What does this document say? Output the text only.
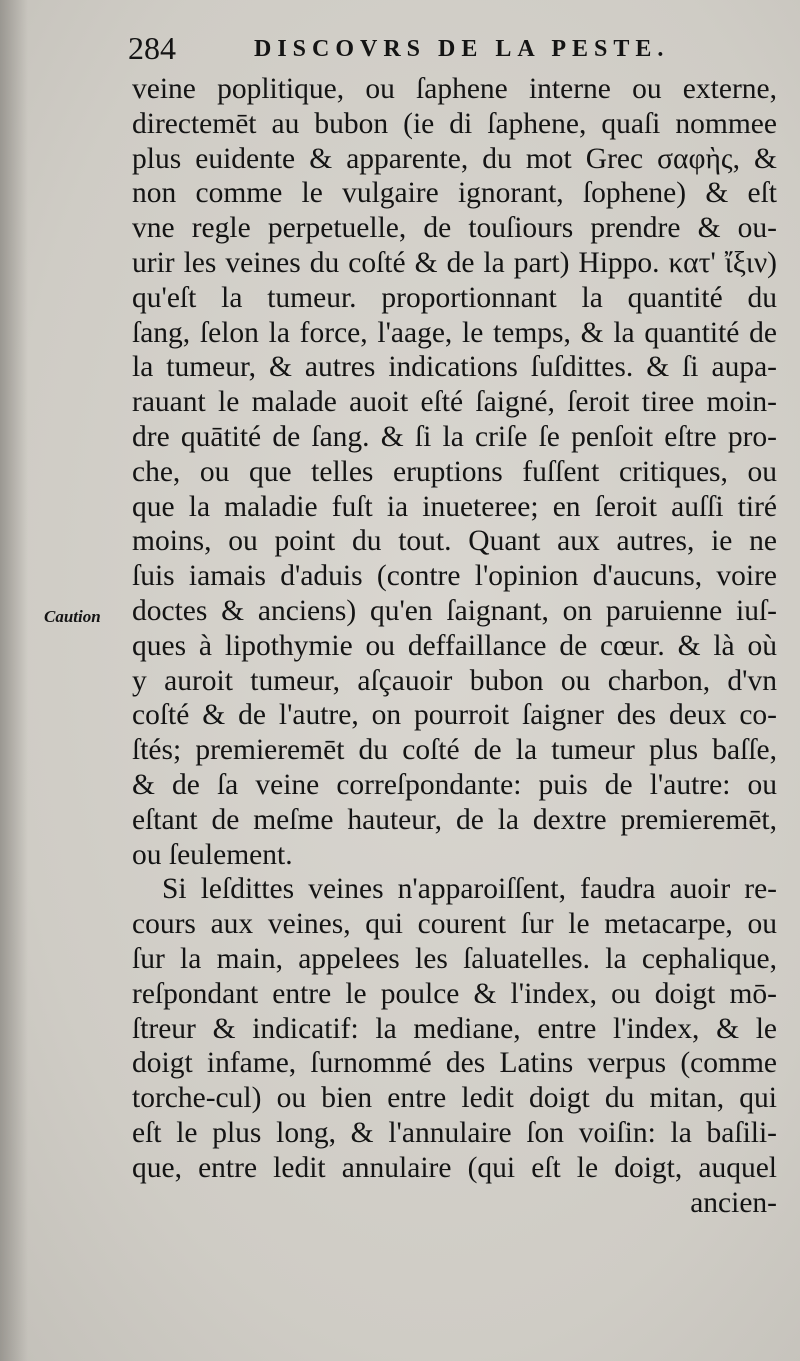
284	DISCOVRS DE LA PESTE.
Caution
veine poplitique, ou ſaphene interne ou externe,
directemēt au bubon (ie di ſaphene, quaſi nommee
plus euidente & apparente, du mot Grec σαφὴς, &
non comme le vulgaire ignorant, ſophene) & eſt
vne regle perpetuelle, de touſiours prendre & ou-
urir les veines du coſté & de la part) Hippo. κατ' ἴξιν)
qu'eſt la tumeur. proportionnant la quantité du
ſang, ſelon la force, l'aage, le temps, & la quantité de
la tumeur, & autres indications ſuſdittes. & ſi aupa-
rauant le malade auoit eſté ſaigné, ſeroit tiree moin-
dre quātité de ſang. & ſi la criſe ſe penſoit eſtre pro-
che, ou que telles eruptions fuſſent critiques, ou
que la maladie fuſt ia inueteree; en ſeroit auſſi tiré
moins, ou point du tout. Quant aux autres, ie ne
ſuis iamais d'aduis (contre l'opinion d'aucuns, voire
doctes & anciens) qu'en ſaignant, on paruienne iuſ-
ques à lipothymie ou deffaillance de cœur. & là où
y auroit tumeur, aſçauoir bubon ou charbon, d'vn
coſté & de l'autre, on pourroit ſaigner des deux co-
ſtés; premieremēt du coſté de la tumeur plus baſſe,
& de ſa veine correſpondante: puis de l'autre: ou
eſtant de meſme hauteur, de la dextre premieremēt,
ou ſeulement.
Si leſdittes veines n'apparoiſſent, faudra auoir re-
cours aux veines, qui courent ſur le metacarpe, ou
ſur la main, appelees les ſaluatelles. la cephalique,
reſpondant entre le poulce & l'index, ou doigt mō-
ſtreur & indicatif: la mediane, entre l'index, & le
doigt infame, ſurnommé des Latins verpus (comme
torche-cul) ou bien entre ledit doigt du mitan, qui
eſt le plus long, & l'annulaire ſon voiſin: la baſili-
que, entre ledit annulaire (qui eſt le doigt, auquel
ancien-
